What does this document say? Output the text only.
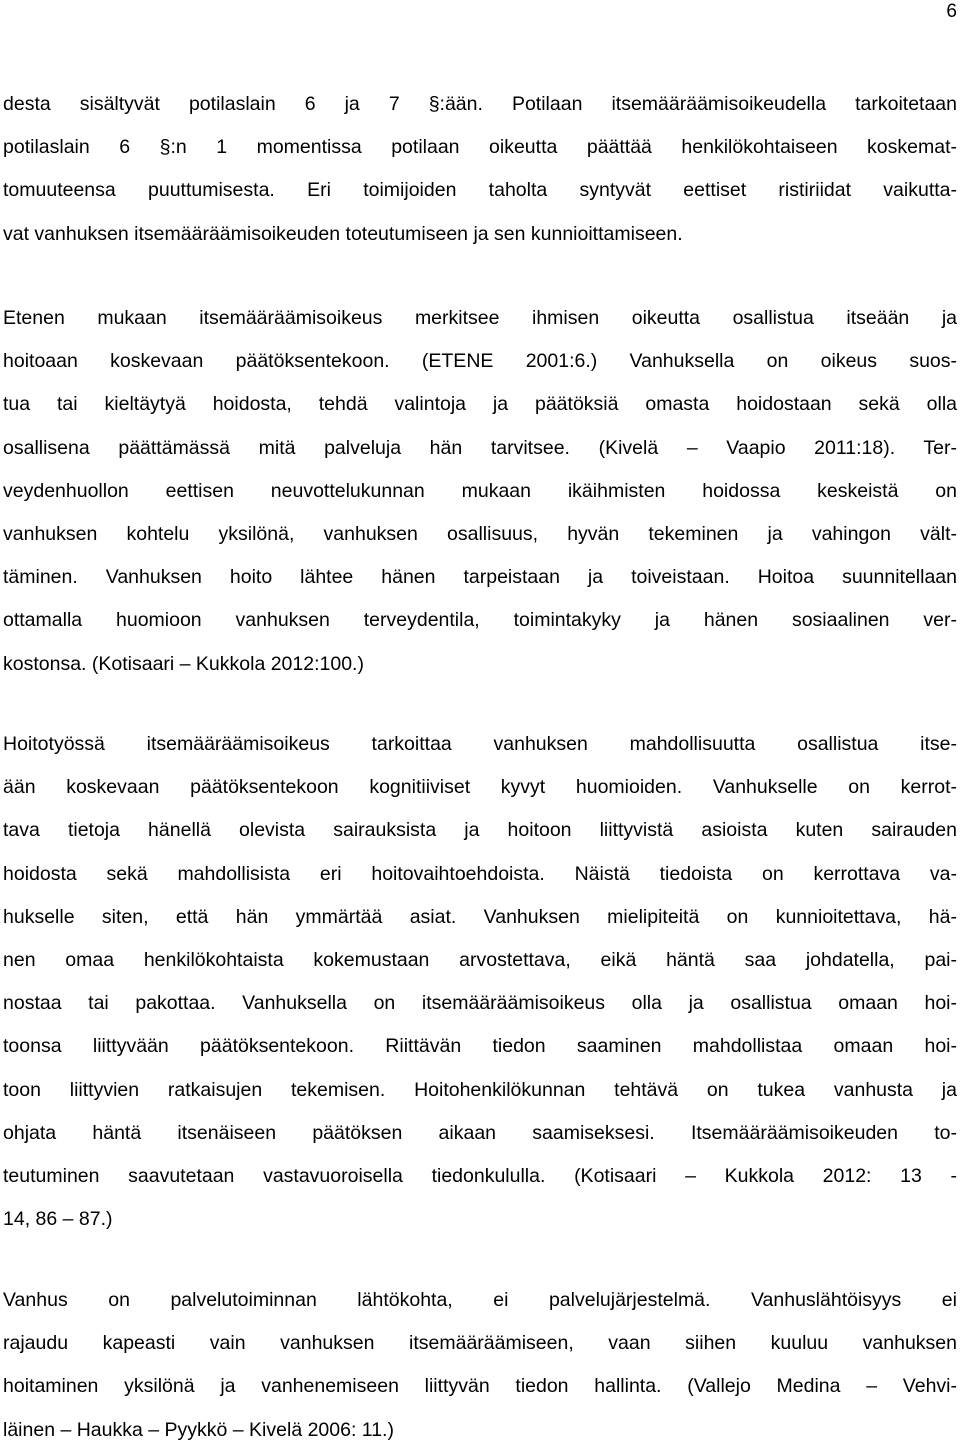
6
desta sisältyvät potilaslain 6 ja 7 §:ään. Potilaan itsemääräämisoikeudella tarkoitetaan
potilaslain 6 §:n 1 momentissa potilaan oikeutta päättää henkilökohtaiseen koskemat-
tomuuteensa puuttumisesta. Eri toimijoiden taholta syntyvät eettiset ristiriidat vaikutta-
vat vanhuksen itsemääräämisoikeuden toteutumiseen ja sen kunnioittamiseen.
Etenen mukaan itsemääräämisoikeus merkitsee ihmisen oikeutta osallistua itseään ja
hoitoaan koskevaan päätöksentekoon. (ETENE 2001:6.) Vanhuksella on oikeus suos-
tua tai kieltäytyä hoidosta, tehdä valintoja ja päätöksiä omasta hoidostaan sekä olla
osallisena päättämässä mitä palveluja hän tarvitsee. (Kivelä – Vaapio 2011:18). Ter-
veydenhuollon eettisen neuvottelukunnan mukaan ikäihmisten hoidossa keskeistä on
vanhuksen kohtelu yksilönä, vanhuksen osallisuus, hyvän tekeminen ja vahingon vält-
täminen. Vanhuksen hoito lähtee hänen tarpeistaan ja toiveistaan. Hoitoa suunnitellaan
ottamalla huomioon vanhuksen terveydentila, toimintakyky ja hänen sosiaalinen ver-
kostonsa. (Kotisaari – Kukkola 2012:100.)
Hoitotyössä itsemääräämisoikeus tarkoittaa vanhuksen mahdollisuutta osallistua itse-
ään koskevaan päätöksentekoon kognitiiviset kyvyt huomioiden. Vanhukselle on kerrot-
tava tietoja hänellä olevista sairauksista ja hoitoon liittyvistä asioista kuten sairauden
hoidosta sekä mahdollisista eri hoitovaihtoehdoista. Näistä tiedoista on kerrottava va-
hukselle siten, että hän ymmärtää asiat. Vanhuksen mielipiteitä on kunnioitettava, hä-
nen omaa henkilökohtaista kokemustaan arvostettava, eikä häntä saa johdatella, pai-
nostaa tai pakottaa. Vanhuksella on itsemääräämisoikeus olla ja osallistua omaan hoi-
toonsa liittyvään päätöksentekoon. Riittävän tiedon saaminen mahdollistaa omaan hoi-
toon liittyvien ratkaisujen tekemisen. Hoitohenkilökunnan tehtävä on tukea vanhusta ja
ohjata häntä itsenäiseen päätöksen aikaan saamiseksesi. Itsemääräämisoikeuden to-
teutuminen saavutetaan vastavuoroisella tiedonkululla. (Kotisaari – Kukkola 2012: 13 -
14, 86 – 87.)
Vanhus on palvelutoiminnan lähtökohta, ei palvelujärjestelmä. Vanhuslähtöisyys ei
rajaudu kapeasti vain vanhuksen itsemääräämiseen, vaan siihen kuuluu vanhuksen
hoitaminen yksilönä ja vanhenemiseen liittyvän tiedon hallinta. (Vallejo Medina – Vehvi-
läinen – Haukka – Pyykkö – Kivelä 2006: 11.)
